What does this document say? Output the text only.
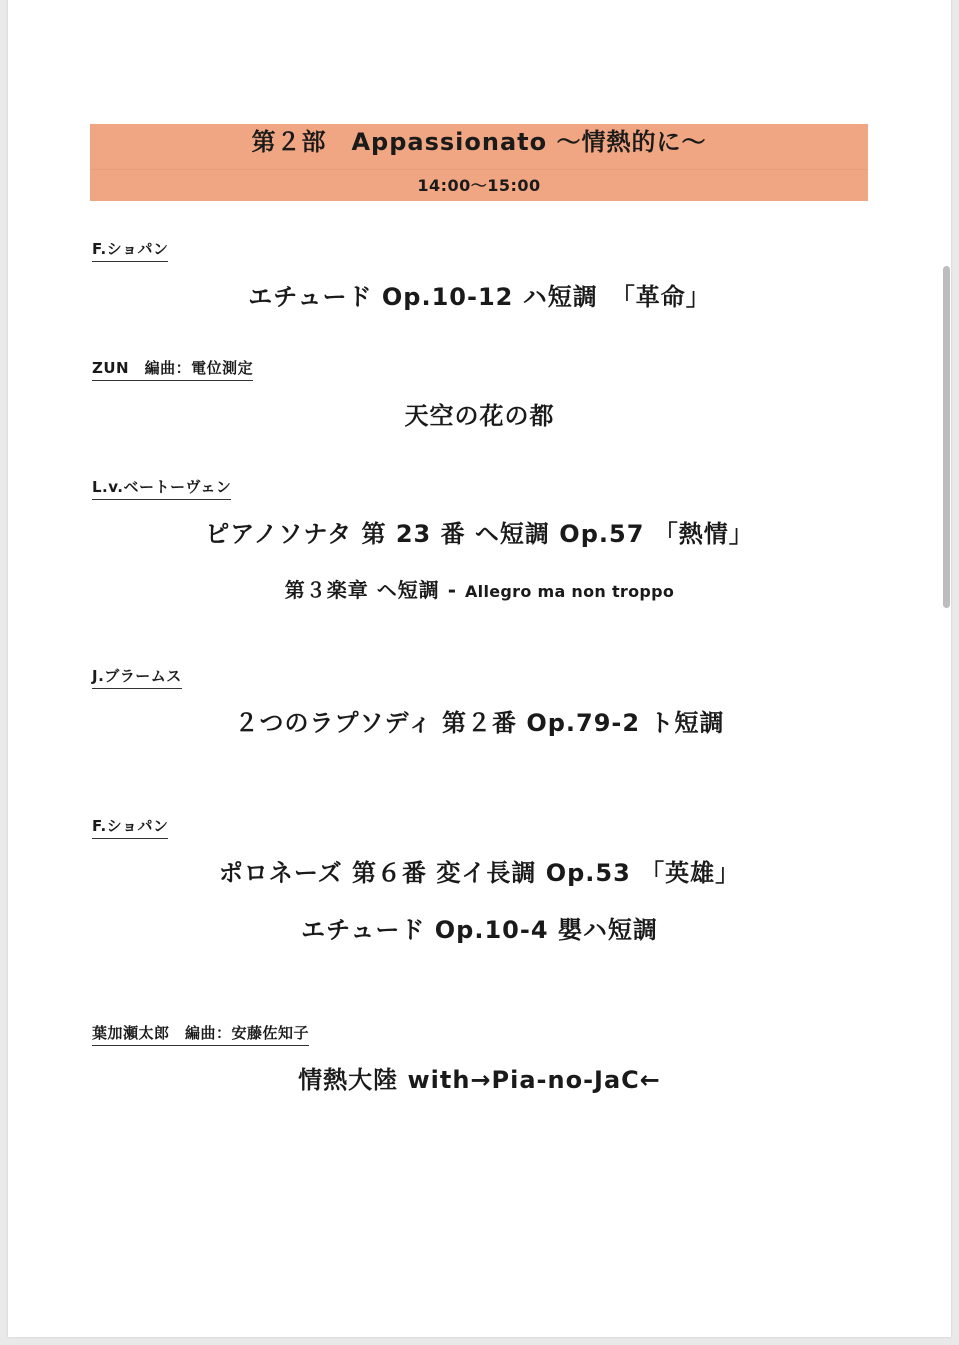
第２部　Appassionato ～情熱的に～
14:00～15:00
F.ショパン
エチュード Op.10-12 ハ短調　「革命」
ZUN　編曲：電位測定
天空の花の都
L.v.ベートーヴェン
ピアノソナタ 第 23 番 ヘ短調 Op.57 「熱情」
第３楽章 ヘ短調 - Allegro ma non troppo
J.ブラームス
２つのラプソディ 第２番 Op.79-2 ト短調
F.ショパン
ポロネーズ 第６番 変イ長調 Op.53 「英雄」
エチュード Op.10-4 嬰ハ短調
葉加瀬太郎　編曲：安藤佐知子
情熱大陸 with→Pia-no-JaC←
